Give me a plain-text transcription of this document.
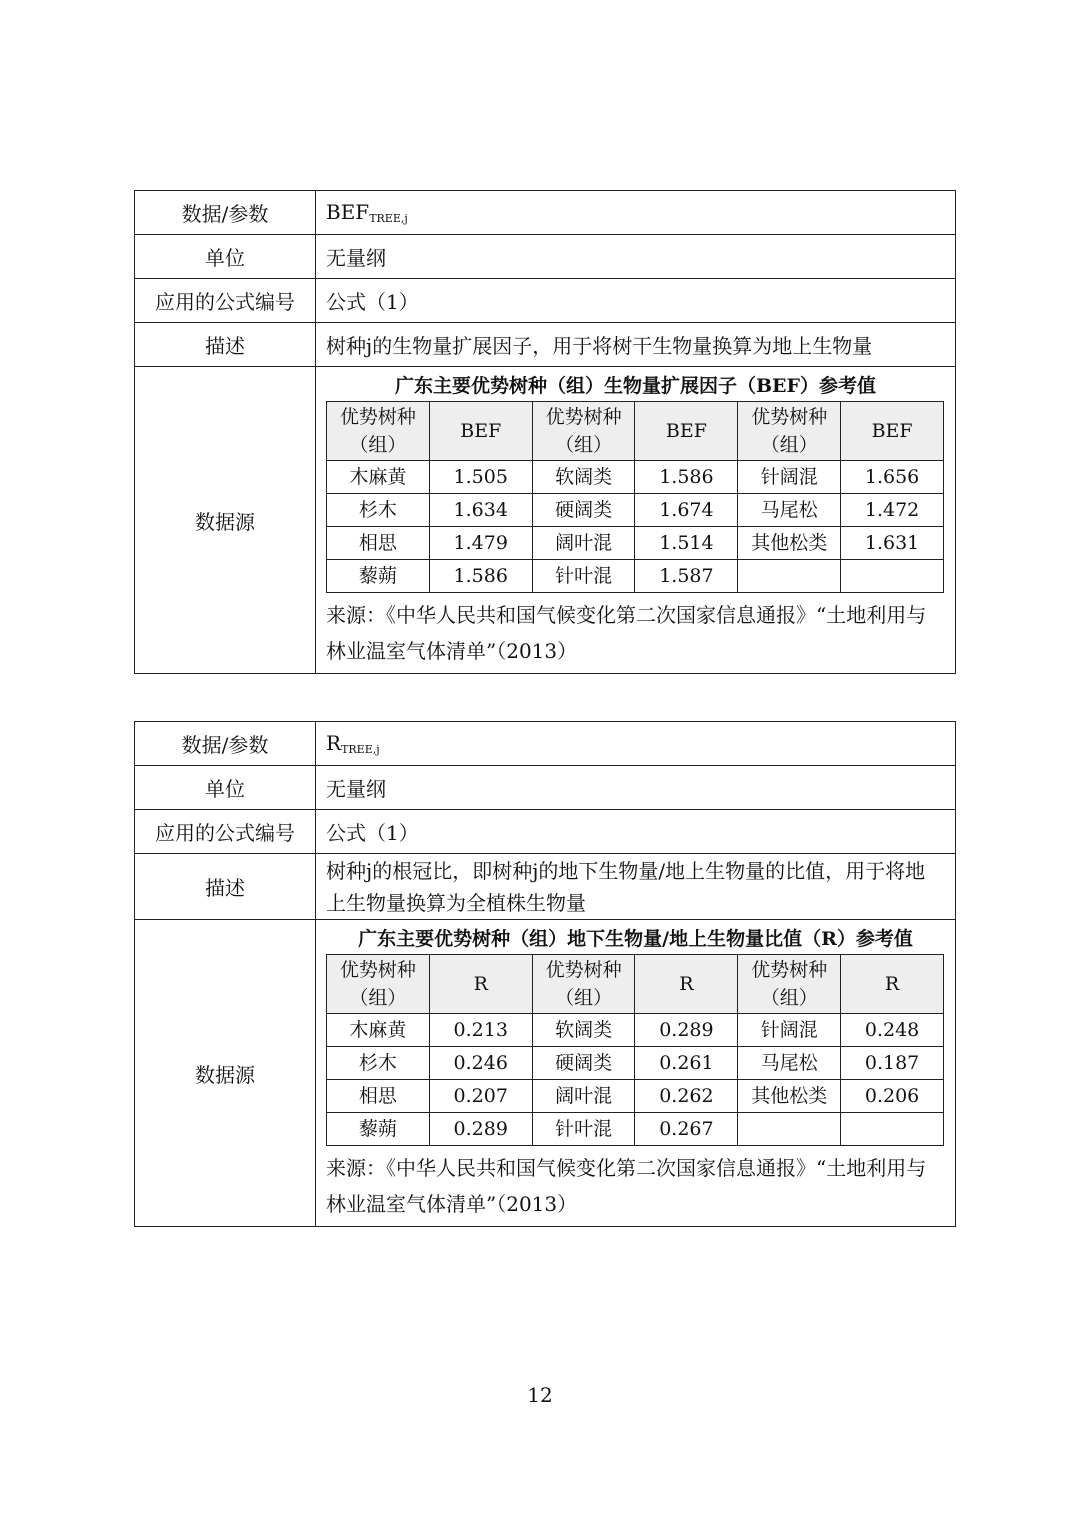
数据/参数	$BEF_{TREE,j}$
单位	无量纲
应用的公式编号	公式（1）
描述	树种j的生物量扩展因子，用于将树干生物量换算为地上生物量
数据源	
广东主要优势树种（组）生物量扩展因子（BEF）参考值
优势树种（组）	BEF	优势树种（组）	BEF	优势树种（组）	BEF
木麻黄	1.505	软阔类	1.586	针阔混	1.656
杉木	1.634	硬阔类	1.674	马尾松	1.472
相思	1.479	阔叶混	1.514	其他松类	1.631
藜蒴	1.586	针叶混	1.587		
来源：《中华人民共和国气候变化第二次国家信息通报》“土地利用与林业温室气体清单”（2013）
数据/参数	$R_{TREE,j}$
单位	无量纲
应用的公式编号	公式（1）
描述	树种j的根冠比，即树种j的地下生物量/地上生物量的比值，用于将地上生物量换算为全植株生物量
数据源	
广东主要优势树种（组）地下生物量/地上生物量比值（R）参考值
优势树种（组）	R	优势树种（组）	R	优势树种（组）	R
木麻黄	0.213	软阔类	0.289	针阔混	0.248
杉木	0.246	硬阔类	0.261	马尾松	0.187
相思	0.207	阔叶混	0.262	其他松类	0.206
藜蒴	0.289	针叶混	0.267		
来源：《中华人民共和国气候变化第二次国家信息通报》“土地利用与林业温室气体清单”（2013）
12
